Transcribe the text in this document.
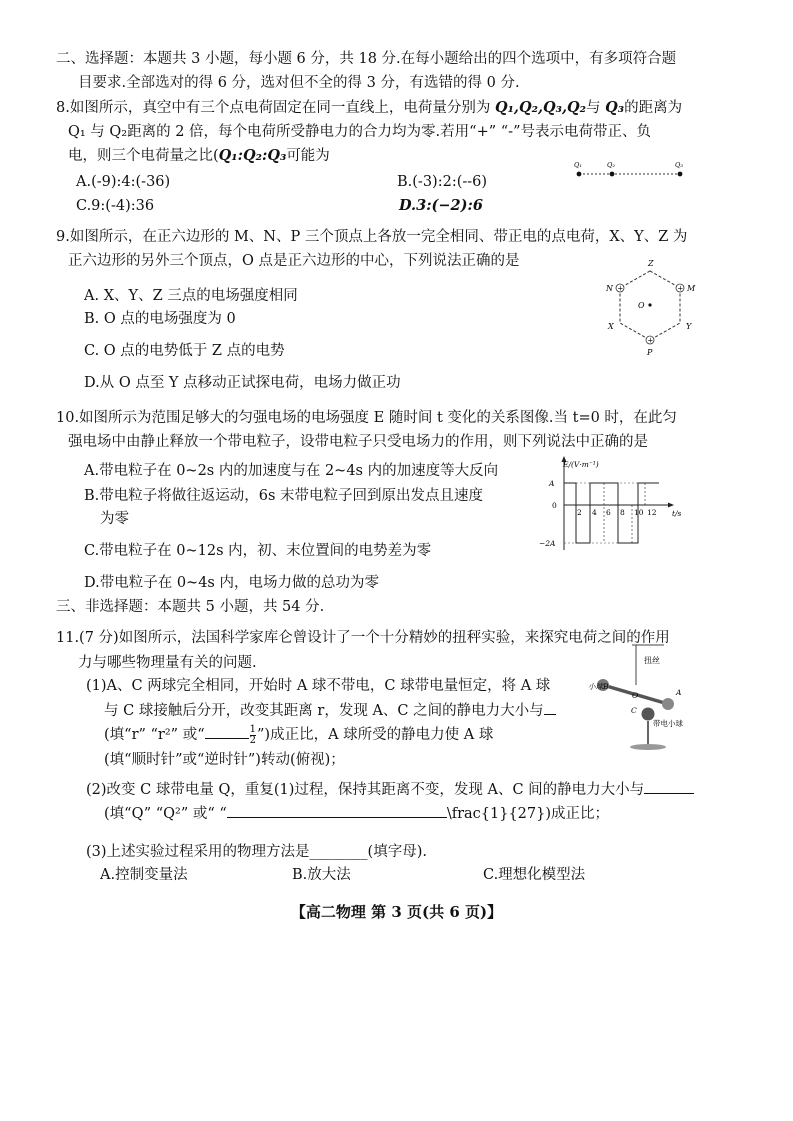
二、选择题：本题共 3 小题，每小题 6 分，共 18 分.在每小题给出的四个选项中，有多项符合题
目要求.全部选对的得 6 分，选对但不全的得 3 分，有选错的得 0 分.
8.如图所示，真空中有三个点电荷固定在同一直线上，电荷量分别为 Q₁,Q₂,Q₃,Q₂与 Q₃的距离为
Q₁ 与 Q₂距离的 2 倍，每个电荷所受静电力的合力均为零.若用“+” “-”号表示电荷带正、负
电，则三个电荷量之比(Q₁:Q₂:Q₃可能为
A.(-9):4:(-36)	B.(-3):2:(--6)
C.9:(-4):36	D.3:(−2):6
Q₁	Q₂	Q₃
9.如图所示，在正六边形的 M、N、P 三个顶点上各放一完全相同、带正电的点电荷，X、Y、Z 为
正六边形的另外三个顶点，O 点是正六边形的中心，下列说法正确的是
A. X、Y、Z 三点的电场强度相同
B. O 点的电场强度为 0
C. O 点的电势低于 Z 点的电势
D.从 O 点至 Y 点移动正试探电荷，电场力做正功
Z
+
N	+ M
O
X	Y
+
P
10.如图所示为范围足够大的匀强电场的电场强度 E 随时间 t 变化的关系图像.当 t=0 时，在此匀
强电场中由静止释放一个带电粒子，设带电粒子只受电场力的作用，则下列说法中正确的是
A.带电粒子在 0~2s 内的加速度与在 2~4s 内的加速度等大反向
B.带电粒子将做往返运动，6s 末带电粒子回到原出发点且速度
为零
C.带电粒子在 0~12s 内，初、末位置间的电势差为零
D.带电粒子在 0~4s 内，电场力做的总功为零
E/(V·m⁻¹)
t/s
A
0
−2A
2 4 6 8 10 12
三、非选择题：本题共 5 小题，共 54 分.
11.(7 分)如图所示，法国科学家库仑曾设计了一个十分精妙的扭秤实验，来探究电荷之间的作用
力与哪些物理量有关的问题.
(1)A、C 两球完全相同，开始时 A 球不带电，C 球带电量恒定，将 A 球
与 C 球接触后分开，改变其距离 r，发现 A、C 之间的静电力大小与
(填“r” “r²” 或“	$\frac{1}{2}$ ”)成正比，A 球所受的静电力使 A 球
(填“顺时针”或“逆时针”)转动(俯视)；
扭丝
小球B
O	A
C
带电小球
(2)改变 C 球带电量 Q，重复(1)过程，保持其距离不变，发现 A、C 间的静电力大小与
(填“Q” “Q²” 或“ “	\frac{1}{27})成正比；
(3)上述实验过程采用的物理方法是________(填字母).
A.控制变量法	B.放大法	C.理想化模型法
【高二物理 第 3 页(共 6 页)】
